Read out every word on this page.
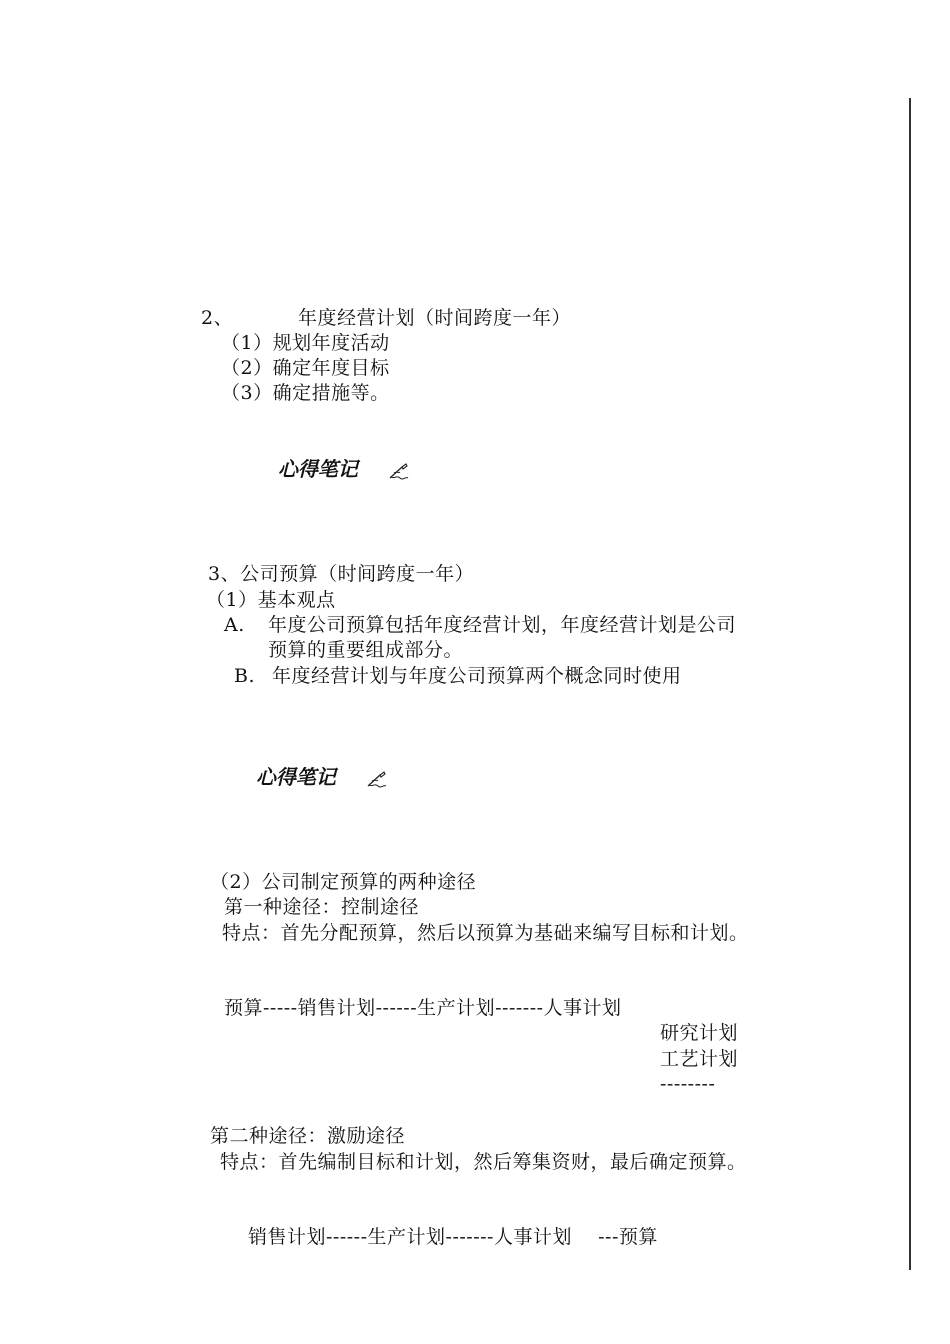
2、	年度经营计划（时间跨度一年）
（1）规划年度活动
（2）确定年度目标
（3）确定措施等。

心得笔记

3、公司预算（时间跨度一年）
（1）基本观点
A. 年度公司预算包括年度经营计划，年度经营计划是公司
预算的重要组成部分。
B. 年度经营计划与年度公司预算两个概念同时使用

心得笔记

（2）公司制定预算的两种途径
第一种途径：控制途径
特点：首先分配预算，然后以预算为基础来编写目标和计划。
预算-----销售计划------生产计划-------人事计划
研究计划
工艺计划
--------
第二种途径：激励途径
特点：首先编制目标和计划，然后筹集资财，最后确定预算。
销售计划------生产计划-------人事计划    ---预算
